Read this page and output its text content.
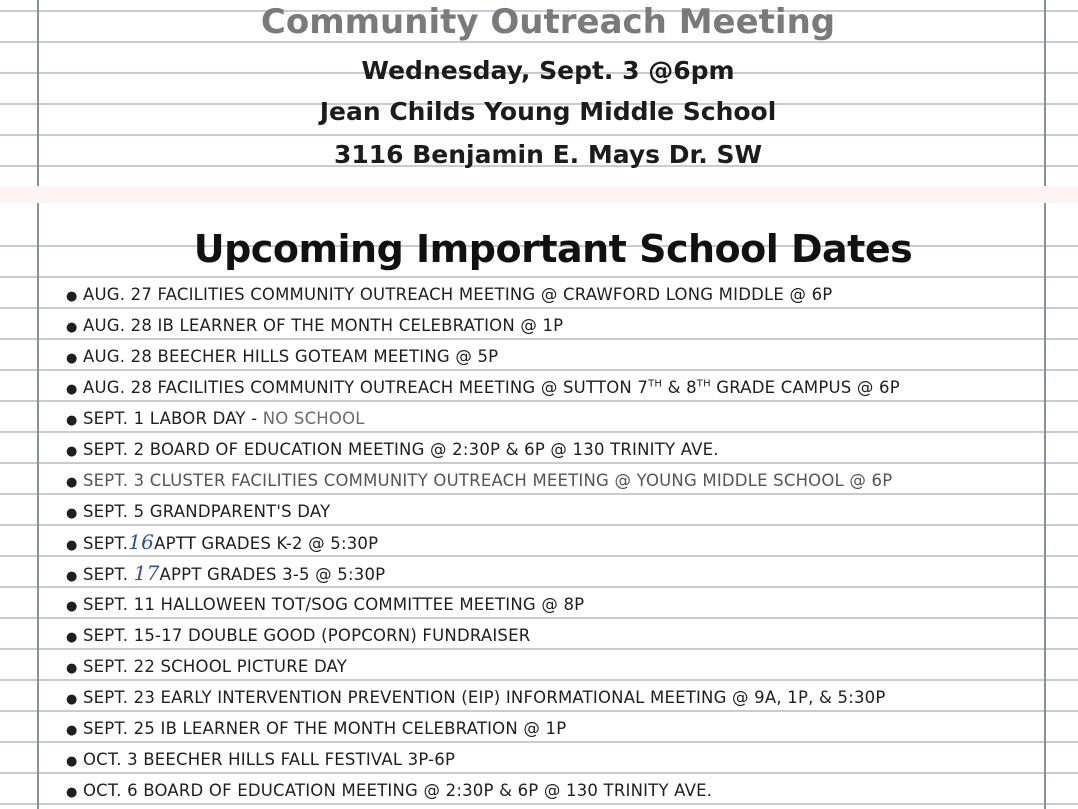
Community Outreach Meeting
Wednesday, Sept. 3 @6pm
Jean Childs Young Middle School
3116 Benjamin E. Mays Dr. SW
Upcoming Important School Dates
● AUG. 27 FACILITIES COMMUNITY OUTREACH MEETING @ CRAWFORD LONG MIDDLE @ 6P
● AUG. 28 IB LEARNER OF THE MONTH CELEBRATION @ 1P
● AUG. 28 BEECHER HILLS GOTEAM MEETING @ 5P
● AUG. 28 FACILITIES COMMUNITY OUTREACH MEETING @ SUTTON 7TH & 8TH GRADE CAMPUS @ 6P
● SEPT. 1 LABOR DAY - NO SCHOOL
● SEPT. 2 BOARD OF EDUCATION MEETING @ 2:30P & 6P @ 130 TRINITY AVE.
● SEPT. 3 CLUSTER FACILITIES COMMUNITY OUTREACH MEETING @ YOUNG MIDDLE SCHOOL @ 6P
● SEPT. 5 GRANDPARENT'S DAY
● SEPT.16APTT GRADES K-2 @ 5:30P
● SEPT. 17APPT GRADES 3-5 @ 5:30P
● SEPT. 11 HALLOWEEN TOT/SOG COMMITTEE MEETING @ 8P
● SEPT. 15-17 DOUBLE GOOD (POPCORN) FUNDRAISER
● SEPT. 22 SCHOOL PICTURE DAY
● SEPT. 23 EARLY INTERVENTION PREVENTION (EIP) INFORMATIONAL MEETING @ 9A, 1P, & 5:30P
● SEPT. 25 IB LEARNER OF THE MONTH CELEBRATION @ 1P
● OCT. 3 BEECHER HILLS FALL FESTIVAL 3P-6P
● OCT. 6 BOARD OF EDUCATION MEETING @ 2:30P & 6P @ 130 TRINITY AVE.
